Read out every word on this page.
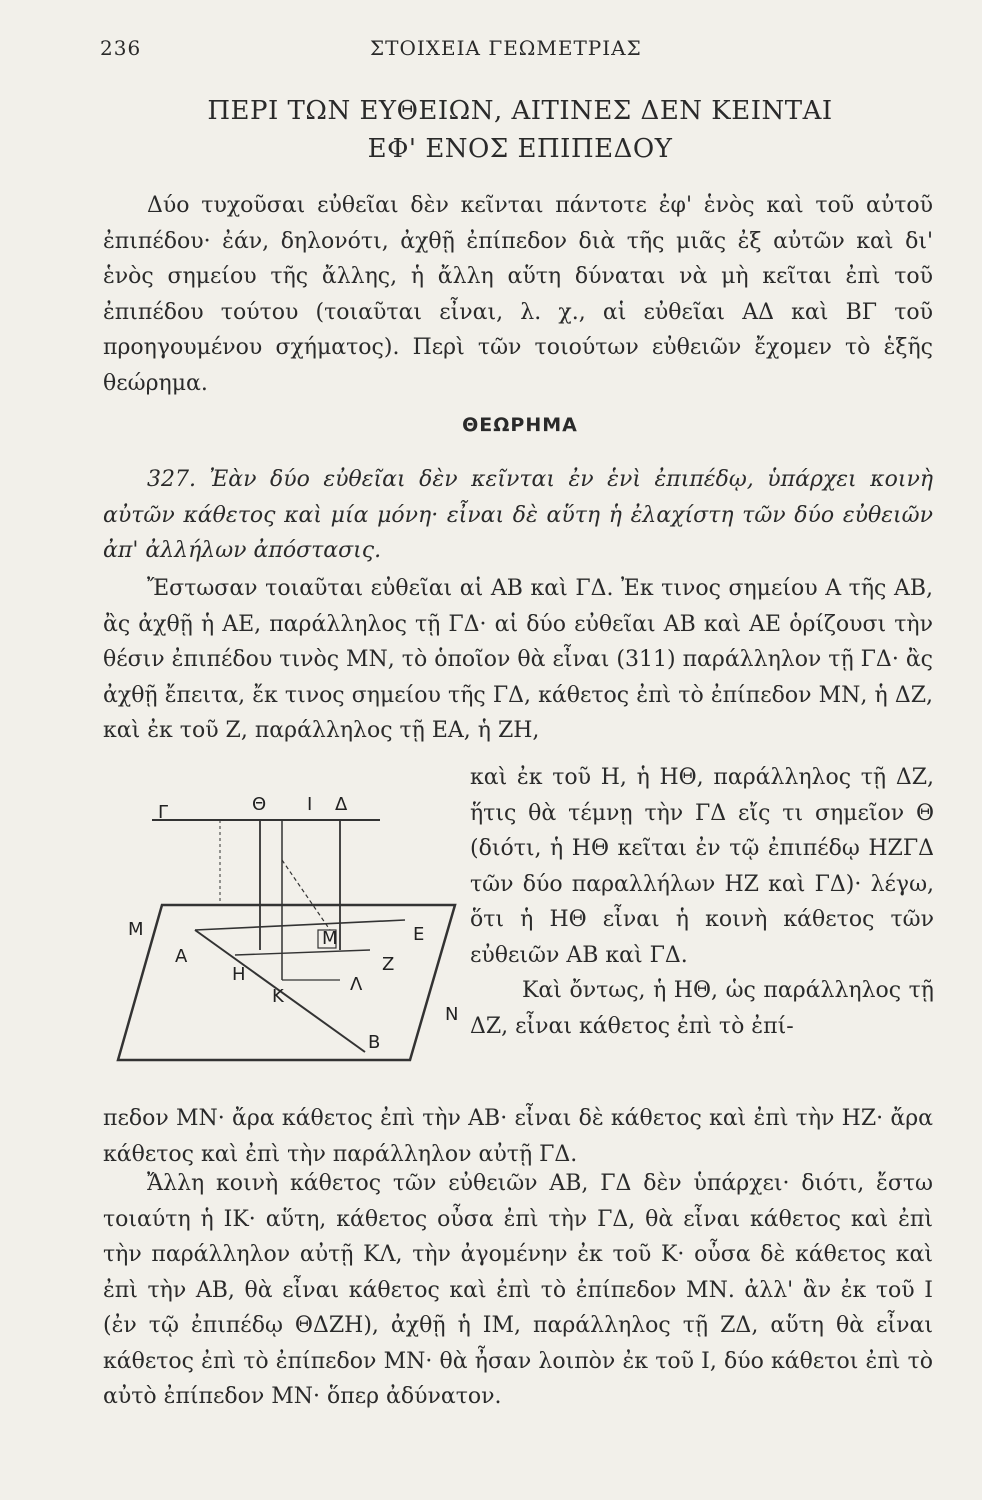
236	ΣΤΟΙΧΕΙΑ ΓΕΩΜΕΤΡΙΑΣ
ΠΕΡΙ ΤΩΝ ΕΥΘΕΙΩΝ, ΑΙΤΙΝΕΣ ΔΕΝ ΚΕΙΝΤΑΙ
ΕΦ' ΕΝΟΣ ΕΠΙΠΕΔΟΥ

Δύο τυχοῦσαι εὐθεῖαι δὲν κεῖνται πάντοτε ἐφ' ἑνὸς καὶ τοῦ αὐτοῦ ἐπιπέδου· ἐάν, δηλονότι, ἀχθῇ ἐπίπεδον διὰ τῆς μιᾶς ἐξ αὐτῶν καὶ δι' ἑνὸς σημείου τῆς ἄλλης, ἡ ἄλλη αὕτη δύναται νὰ μὴ κεῖται ἐπὶ τοῦ ἐπιπέδου τούτου (τοιαῦται εἶναι, λ. χ., αἱ εὐθεῖαι ΑΔ καὶ ΒΓ τοῦ προηγουμένου σχήματος). Περὶ τῶν τοιούτων εὐθειῶν ἔχομεν τὸ ἑξῆς θεώρημα.

ΘΕΩΡΗΜΑ

327. Ἐὰν δύο εὐθεῖαι δὲν κεῖνται ἐν ἑνὶ ἐπιπέδῳ, ὑπάρχει κοινὴ αὐτῶν κάθετος καὶ μία μόνη· εἶναι δὲ αὕτη ἡ ἐλαχίστη τῶν δύο εὐθειῶν ἀπ' ἀλλήλων ἀπόστασις.

Ἔστωσαν τοιαῦται εὐθεῖαι αἱ ΑΒ καὶ ΓΔ. Ἐκ τινος σημείου Α τῆς ΑΒ, ἂς ἀχθῇ ἡ ΑΕ, παράλληλος τῇ ΓΔ· αἱ δύο εὐθεῖαι ΑΒ καὶ ΑΕ ὁρίζουσι τὴν θέσιν ἐπιπέδου τινὸς ΜΝ, τὸ ὁποῖον θὰ εἶναι (311) παράλληλον τῇ ΓΔ· ἂς ἀχθῇ ἔπειτα, ἔκ τινος σημείου τῆς ΓΔ, κάθετος ἐπὶ τὸ ἐπίπεδον ΜΝ, ἡ ΔΖ, καὶ ἐκ τοῦ Ζ, παράλληλος τῇ ΕΑ, ἡ ΖΗ,

Γ	Θ Ι Δ
Μ
Α
Ε
Μ
Η	Ζ
Κ
Λ
Ν
Β
καὶ ἐκ τοῦ Η, ἡ ΗΘ, παράλληλος τῇ ΔΖ, ἥτις θὰ τέμνῃ τὴν ΓΔ εἴς τι σημεῖον Θ (διότι, ἡ ΗΘ κεῖται ἐν τῷ ἐπιπέδῳ ΗΖΓΔ τῶν δύο παραλλήλων ΗΖ καὶ ΓΔ)· λέγω, ὅτι ἡ ΗΘ εἶναι ἡ κοινὴ κάθετος τῶν εὐθειῶν ΑΒ καὶ ΓΔ.
Καὶ ὄντως, ἡ ΗΘ, ὡς παράλληλος τῇ ΔΖ, εἶναι κάθετος ἐπὶ τὸ ἐπί-

πεδον ΜΝ· ἄρα κάθετος ἐπὶ τὴν ΑΒ· εἶναι δὲ κάθετος καὶ ἐπὶ τὴν ΗΖ· ἄρα κάθετος καὶ ἐπὶ τὴν παράλληλον αὐτῇ ΓΔ.

Ἄλλη κοινὴ κάθετος τῶν εὐθειῶν ΑΒ, ΓΔ δὲν ὑπάρχει· διότι, ἔστω τοιαύτη ἡ ΙΚ· αὕτη, κάθετος οὖσα ἐπὶ τὴν ΓΔ, θὰ εἶναι κάθετος καὶ ἐπὶ τὴν παράλληλον αὐτῇ ΚΛ, τὴν ἀγομένην ἐκ τοῦ Κ· οὖσα δὲ κάθετος καὶ ἐπὶ τὴν ΑΒ, θὰ εἶναι κάθετος καὶ ἐπὶ τὸ ἐπίπεδον ΜΝ. ἀλλ' ἂν ἐκ τοῦ Ι (ἐν τῷ ἐπιπέδῳ ΘΔΖΗ), ἀχθῇ ἡ ΙΜ, παράλληλος τῇ ΖΔ, αὕτη θὰ εἶναι κάθετος ἐπὶ τὸ ἐπίπεδον ΜΝ· θὰ ἦσαν λοιπὸν ἐκ τοῦ Ι, δύο κάθετοι ἐπὶ τὸ αὐτὸ ἐπίπεδον ΜΝ· ὅπερ ἀδύνατον.
